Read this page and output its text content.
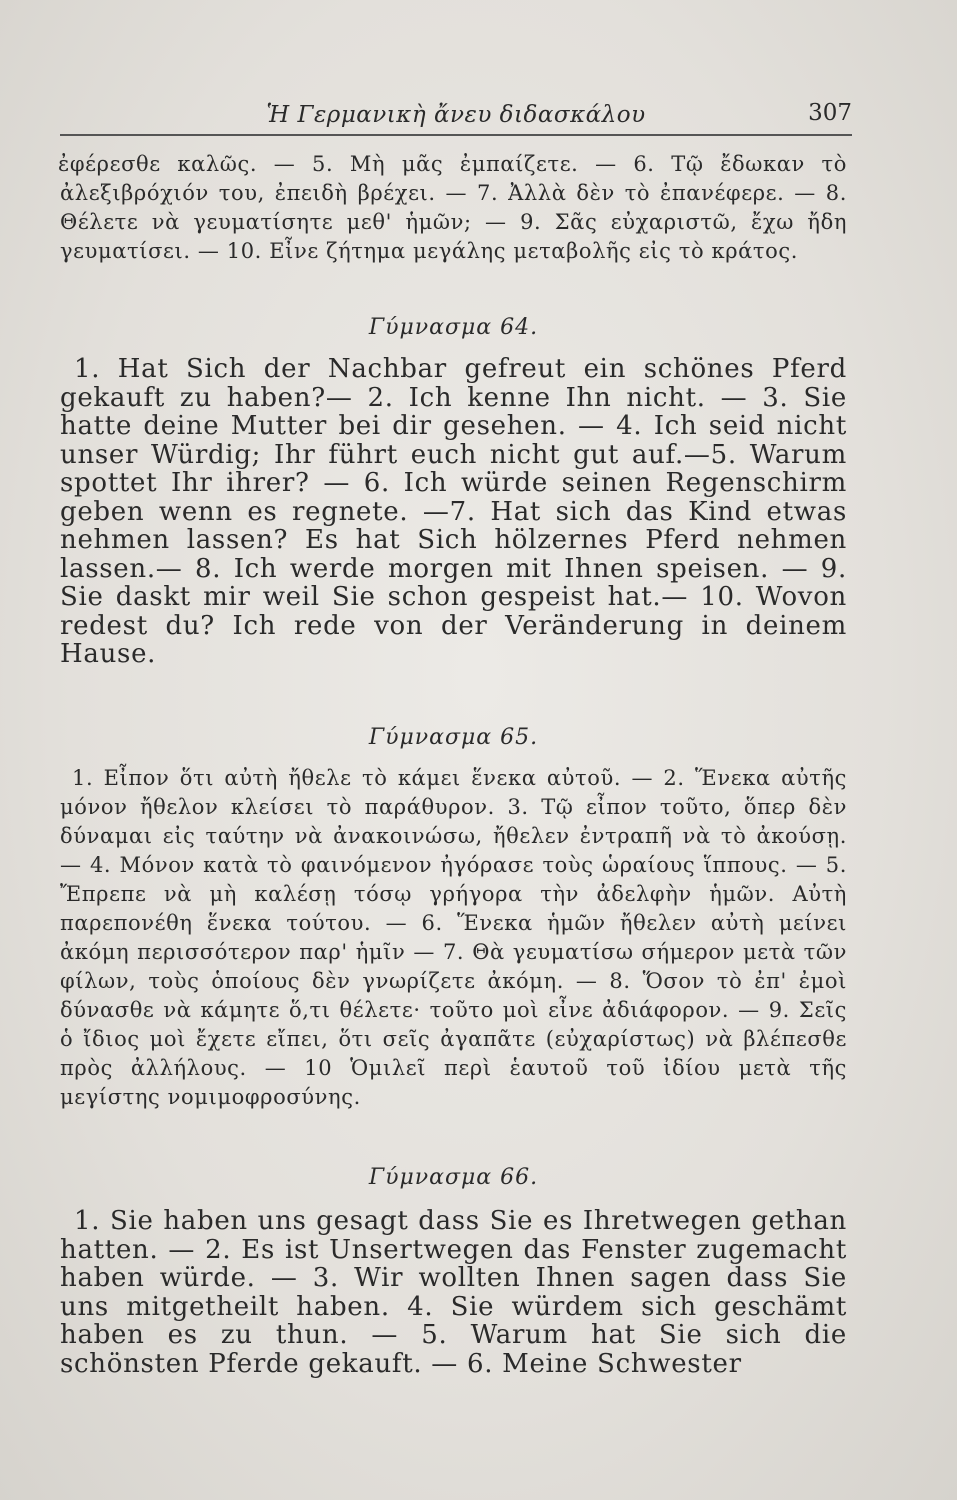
Ἡ Γερμανικὴ ἄνευ διδασκάλου	307

ἐφέρεσθε καλῶς. — 5. Μὴ μᾶς ἐμπαίζετε. — 6. Τῷ ἔδωκαν τὸ ἀλεξιβρόχιόν του, ἐπειδὴ βρέχει. — 7. Ἀλλὰ δὲν τὸ ἐπανέφερε. — 8. Θέλετε νὰ γευματίσητε μεθ' ἡμῶν; — 9. Σᾶς εὐχαριστῶ, ἔχω ἤδη γευματίσει. — 10. Εἶνε ζήτημα μεγάλης μεταβολῆς εἰς τὸ κράτος.

Γύμνασμα 64.

1. Hat Sich der Nachbar gefreut ein schönes Pferd gekauft zu haben?— 2. Ich kenne Ihn nicht. — 3. Sie hatte deine Mutter bei dir gesehen. — 4. Ich seid nicht unser Würdig; Ihr führt euch nicht gut auf.—5. Warum spottet Ihr ihrer? — 6. Ich würde seinen Regenschirm geben wenn es regnete. —7. Hat sich das Kind etwas nehmen lassen? Es hat Sich hölzernes Pferd nehmen lassen.— 8. Ich werde morgen mit Ihnen speisen. — 9. Sie daskt mir weil Sie schon gespeist hat.— 10. Wovon redest du? Ich rede von der Veränderung in deinem Hause.

Γύμνασμα 65.

1. Εἶπον ὅτι αὐτὴ ἤθελε τὸ κάμει ἕνεκα αὐτοῦ. — 2. Ἕνεκα αὐτῆς μόνον ἤθελον κλείσει τὸ παράθυρον. 3. Τῷ εἶπον τοῦτο, ὅπερ δὲν δύναμαι εἰς ταύτην νὰ ἀνακοινώσω, ἤθελεν ἐντραπῆ νὰ τὸ ἀκούσῃ. — 4. Μόνον κατὰ τὸ φαινόμενον ἠγόρασε τοὺς ὡραίους ἵππους. — 5. Ἔπρεπε νὰ μὴ καλέσῃ τόσῳ γρήγορα τὴν ἀδελφὴν ἡμῶν. Αὐτὴ παρεπονέθη ἕνεκα τούτου. — 6. Ἕνεκα ἡμῶν ἤθελεν αὐτὴ μείνει ἀκόμη περισσότερον παρ' ἡμῖν — 7. Θὰ γευματίσω σήμερον μετὰ τῶν φίλων, τοὺς ὁποίους δὲν γνωρίζετε ἀκόμη. — 8. Ὅσον τὸ ἐπ' ἐμοὶ δύνασθε νὰ κάμητε ὅ,τι θέλετε· τοῦτο μοὶ εἶνε ἀδιάφορον. — 9. Σεῖς ὁ ἴδιος μοὶ ἔχετε εἴπει, ὅτι σεῖς ἀγαπᾶτε (εὐχαρίστως) νὰ βλέπεσθε πρὸς ἀλλήλους. — 10 Ὁμιλεῖ περὶ ἑαυτοῦ τοῦ ἰδίου μετὰ τῆς μεγίστης νομιμοφροσύνης.

Γύμνασμα 66.

1. Sie haben uns gesagt dass Sie es Ihretwegen gethan hatten. — 2. Es ist Unsertwegen das Fenster zugemacht haben würde. — 3. Wir wollten Ihnen sagen dass Sie uns mitgetheilt haben. 4. Sie würdem sich geschämt haben es zu thun. — 5. Warum hat Sie sich die schönsten Pferde gekauft. — 6. Meine Schwester
